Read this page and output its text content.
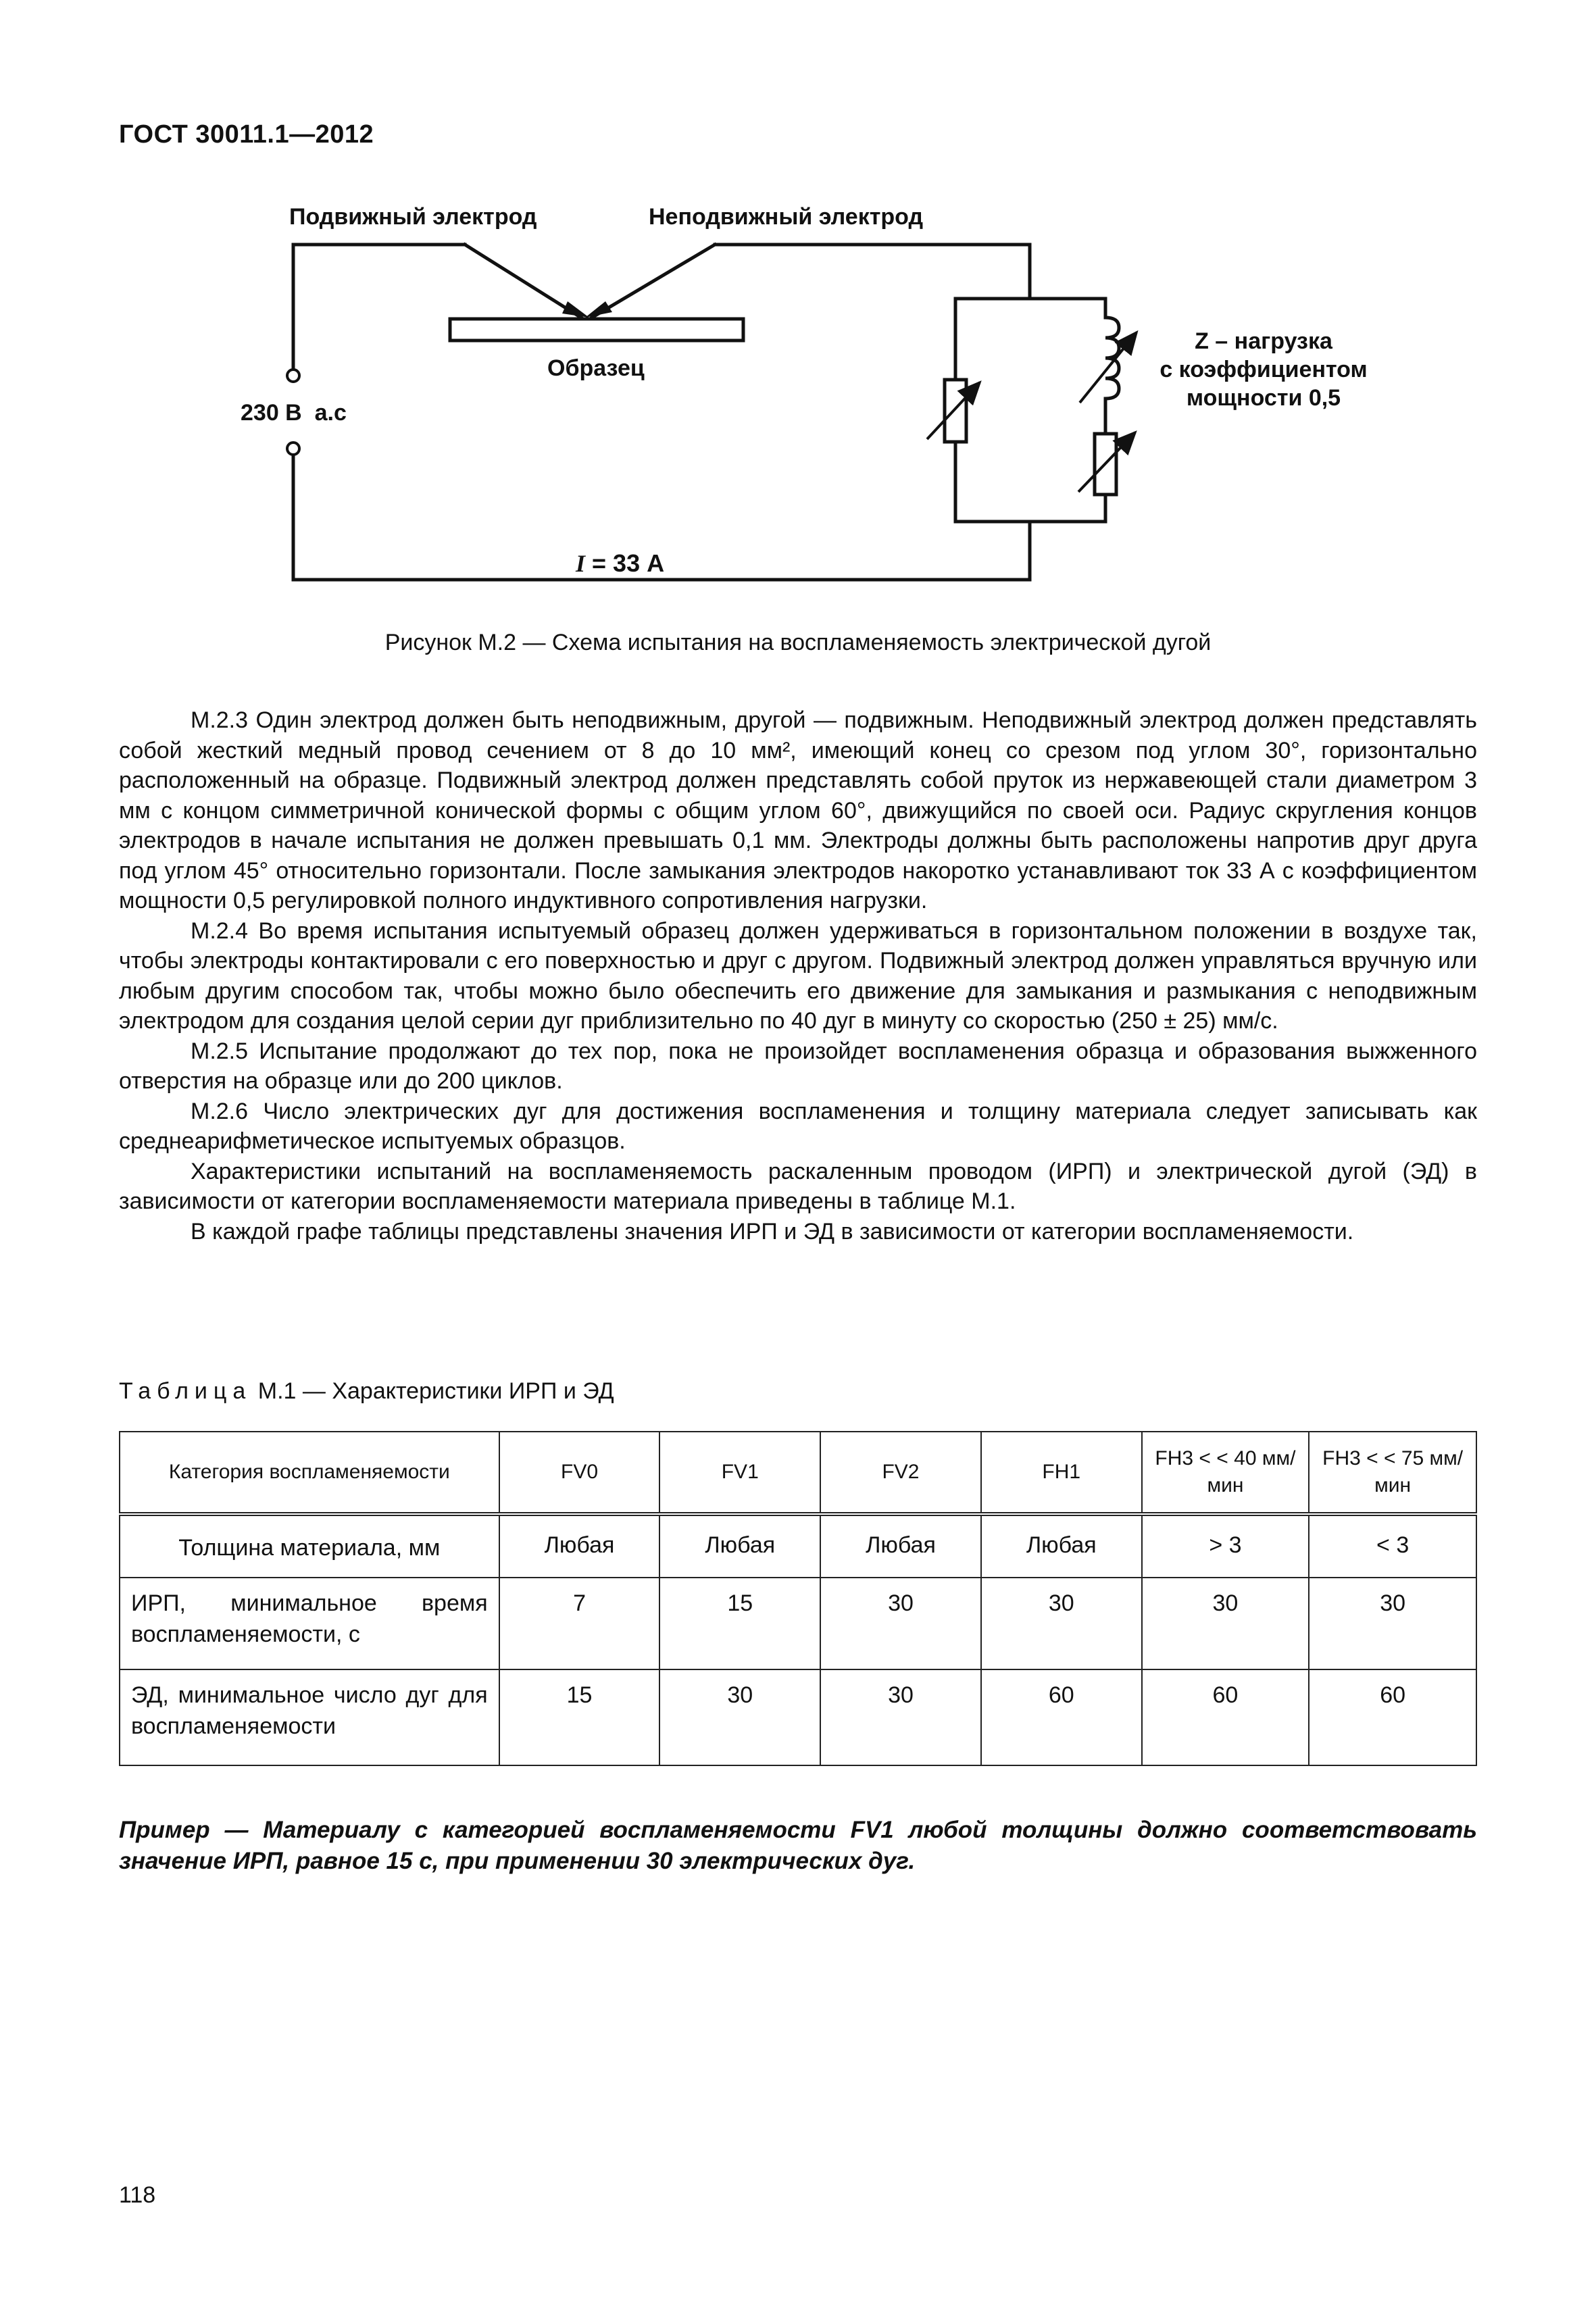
ГОСТ 30011.1—2012
Подвижный электрод	Неподвижный электрод
Образец
230 В  а.с
I = 33 А
Z – нагрузка
с коэффициентом
мощности 0,5
Рисунок М.2 — Схема испытания на воспламеняемость электрической дугой

М.2.3 Один электрод должен быть неподвижным, другой — подвижным. Неподвижный электрод должен представлять собой жесткий медный провод сечением от 8 до 10 мм², имеющий конец со срезом под углом 30°, горизонтально расположенный на образце. Подвижный электрод должен представлять собой пруток из нержавеющей стали диаметром 3 мм с концом симметричной конической формы с общим углом 60°, движущийся по своей оси. Радиус скругления концов электродов в начале испытания не должен превышать 0,1 мм. Электроды должны быть расположены напротив друг друга под углом 45° относительно горизонтали. После замыкания электродов накоротко устанавливают ток 33 А с коэффициентом мощности 0,5 регулировкой полного индуктивного сопротивления нагрузки.

М.2.4 Во время испытания испытуемый образец должен удерживаться в горизонтальном положении в воздухе так, чтобы электроды контактировали с его поверхностью и друг с другом. Подвижный электрод должен управляться вручную или любым другим способом так, чтобы можно было обеспечить его движение для замыкания и размыкания с неподвижным электродом для создания целой серии дуг приблизительно по 40 дуг в минуту со скоростью (250 ± 25) мм/с.

М.2.5 Испытание продолжают до тех пор, пока не произойдет воспламенения образца и образования выжженного отверстия на образце или до 200 циклов.

М.2.6 Число электрических дуг для достижения воспламенения и толщину материала следует записывать как среднеарифметическое испытуемых образцов.

Характеристики испытаний на воспламеняемость раскаленным проводом (ИРП) и электрической дугой (ЭД) в зависимости от категории воспламеняемости материала приведены в таблице М.1.

В каждой графе таблицы представлены значения ИРП и ЭД в зависимости от категории воспламеняемости.

Таблица М.1 — Характеристики ИРП и ЭД
Категория воспламеняемости	FV0	FV1	FV2	FH1	FH3 < < 40 мм/мин	FH3 < < 75 мм/мин
Толщина материала, мм	Любая	Любая	Любая	Любая	> 3	< 3
ИРП, минимальное время воспламеняемости, с	7	15	30	30	30	30
ЭД, минимальное число дуг для воспламеняемости	15	30	30	60	60	60
Пример — Материалу с категорией воспламеняемости FV1 любой толщины должно соответствовать значение ИРП, равное 15 с, при применении 30 электрических дуг.
118
